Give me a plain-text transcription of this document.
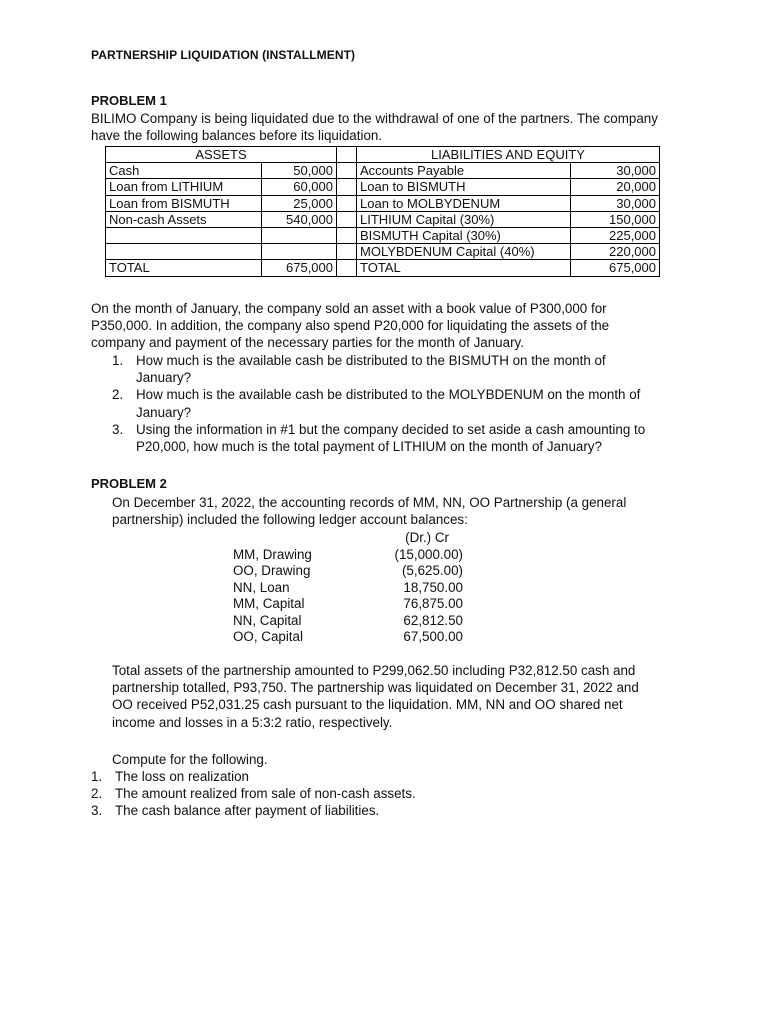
PARTNERSHIP LIQUIDATION (INSTALLMENT)
PROBLEM 1
BILIMO Company is being liquidated due to the withdrawal of one of the partners. The company
have the following balances before its liquidation.
ASSETS			LIABILITIES AND EQUITY	
Cash	50,000		Accounts Payable	30,000
Loan from LITHIUM	60,000		Loan to BISMUTH	20,000
Loan from BISMUTH	25,000		Loan to MOLBYDENUM	30,000
Non-cash Assets	540,000		LITHIUM Capital (30%)	150,000
			BISMUTH Capital (30%)	225,000
			MOLYBDENUM Capital (40%)	220,000
TOTAL	675,000		TOTAL	675,000
On the month of January, the company sold an asset with a book value of P300,000 for
P350,000. In addition, the company also spend P20,000 for liquidating the assets of the
company and payment of the necessary parties for the month of January.
1. How much is the available cash be distributed to the BISMUTH on the month of
January?
2. How much is the available cash be distributed to the MOLYBDENUM on the month of
January?
3. Using the information in #1 but the company decided to set aside a cash amounting to
P20,000, how much is the total payment of LITHIUM on the month of January?
PROBLEM 2
On December 31, 2022, the accounting records of MM, NN, OO Partnership (a general
partnership) included the following ledger account balances:
(Dr.) Cr
MM, Drawing	(15,000.00)
OO, Drawing	(5,625.00)
NN, Loan	18,750.00
MM, Capital	76,875.00
NN, Capital	62,812.50
OO, Capital	67,500.00
Total assets of the partnership amounted to P299,062.50 including P32,812.50 cash and
partnership totalled, P93,750. The partnership was liquidated on December 31, 2022 and
OO received P52,031.25 cash pursuant to the liquidation. MM, NN and OO shared net
income and losses in a 5:3:2 ratio, respectively.
Compute for the following.
1. The loss on realization
2. The amount realized from sale of non-cash assets.
3. The cash balance after payment of liabilities.
